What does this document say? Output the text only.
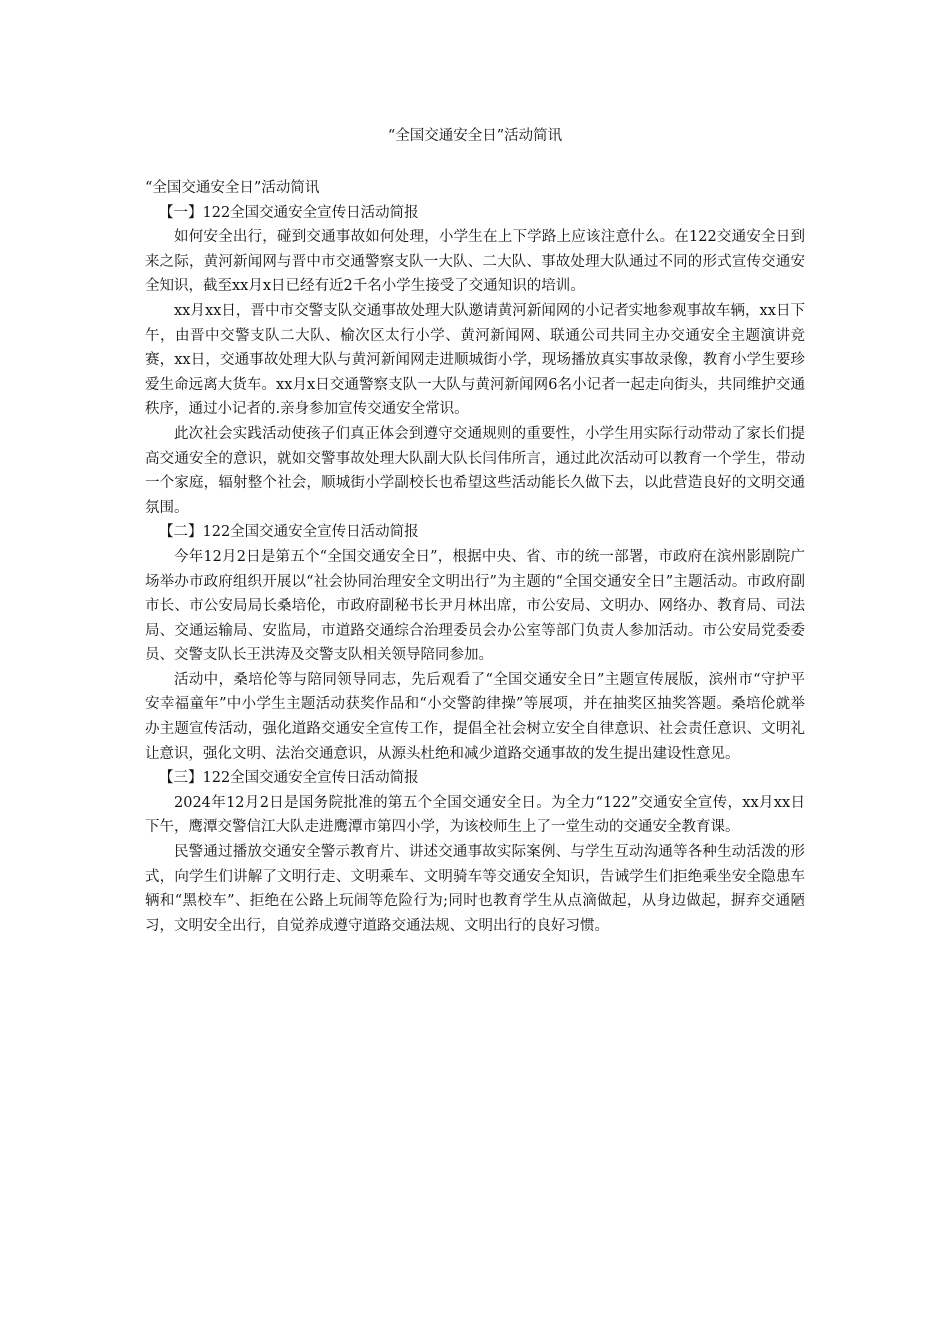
“全国交通安全日”活动简讯

“全国交通安全日”活动简讯

【一】122全国交通安全宣传日活动简报

如何安全出行，碰到交通事故如何处理，小学生在上下学路上应该注意什么。在122交通安全日到来之际，黄河新闻网与晋中市交通警察支队一大队、二大队、事故处理大队通过不同的形式宣传交通安全知识，截至xx月x日已经有近2千名小学生接受了交通知识的培训。

xx月xx日，晋中市交警支队交通事故处理大队邀请黄河新闻网的小记者实地参观事故车辆，xx日下午，由晋中交警支队二大队、榆次区太行小学、黄河新闻网、联通公司共同主办交通安全主题演讲竞赛，xx日，交通事故处理大队与黄河新闻网走进顺城街小学，现场播放真实事故录像，教育小学生要珍爱生命远离大货车。xx月x日交通警察支队一大队与黄河新闻网6名小记者一起走向街头，共同维护交通秩序，通过小记者的.亲身参加宣传交通安全常识。

此次社会实践活动使孩子们真正体会到遵守交通规则的重要性，小学生用实际行动带动了家长们提高交通安全的意识，就如交警事故处理大队副大队长闫伟所言，通过此次活动可以教育一个学生，带动一个家庭，辐射整个社会，顺城街小学副校长也希望这些活动能长久做下去，以此营造良好的文明交通氛围。

【二】122全国交通安全宣传日活动简报

今年12月2日是第五个“全国交通安全日”，根据中央、省、市的统一部署，市政府在滨州影剧院广场举办市政府组织开展以“社会协同治理安全文明出行”为主题的“全国交通安全日”主题活动。市政府副市长、市公安局局长桑培伦，市政府副秘书长尹月林出席，市公安局、文明办、网络办、教育局、司法局、交通运输局、安监局，市道路交通综合治理委员会办公室等部门负责人参加活动。市公安局党委委员、交警支队长王洪涛及交警支队相关领导陪同参加。

活动中，桑培伦等与陪同领导同志，先后观看了“全国交通安全日”主题宣传展版，滨州市“守护平安幸福童年”中小学生主题活动获奖作品和“小交警韵律操”等展项，并在抽奖区抽奖答题。桑培伦就举办主题宣传活动，强化道路交通安全宣传工作，提倡全社会树立安全自律意识、社会责任意识、文明礼让意识，强化文明、法治交通意识，从源头杜绝和减少道路交通事故的发生提出建设性意见。

【三】122全国交通安全宣传日活动简报

2024年12月2日是国务院批准的第五个全国交通安全日。为全力“122”交通安全宣传，xx月xx日下午，鹰潭交警信江大队走进鹰潭市第四小学，为该校师生上了一堂生动的交通安全教育课。

民警通过播放交通安全警示教育片、讲述交通事故实际案例、与学生互动沟通等各种生动活泼的形式，向学生们讲解了文明行走、文明乘车、文明骑车等交通安全知识，告诫学生们拒绝乘坐安全隐患车辆和“黑校车”、拒绝在公路上玩闹等危险行为;同时也教育学生从点滴做起，从身边做起，摒弃交通陋习，文明安全出行，自觉养成遵守道路交通法规、文明出行的良好习惯。
